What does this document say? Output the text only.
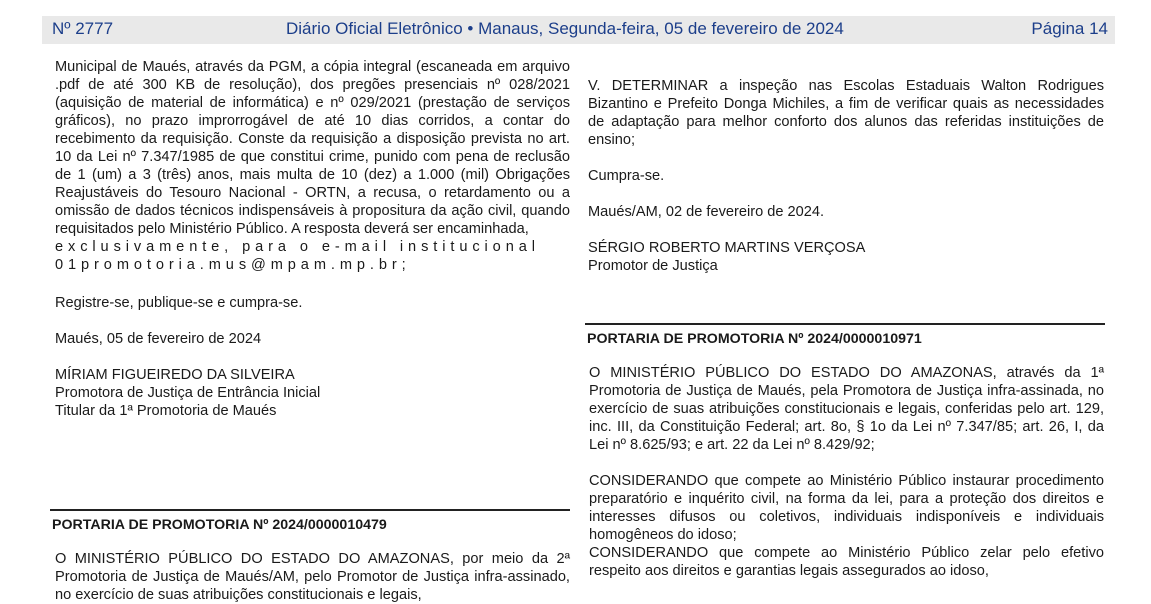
Nº 2777	Diário Oficial Eletrônico • Manaus, Segunda-feira, 05 de fevereiro de 2024	Página 14

Municipal de Maués, através da PGM, a cópia integral (escaneada em arquivo .pdf de até 300 KB de resolução), dos pregões presenciais nº 028/2021 (aquisição de material de informática) e nº 029/2021 (prestação de serviços gráficos), no prazo improrrogável de até 10 dias corridos, a contar do recebimento da requisição. Conste da requisição a disposição prevista no art. 10 da Lei nº 7.347/1985 de que constitui crime, punido com pena de reclusão de 1 (um) a 3 (três) anos, mais multa de 10 (dez) a 1.000 (mil) Obrigações Reajustáveis do Tesouro Nacional - ORTN, a recusa, o retardamento ou a omissão de dados técnicos indispensáveis à propositura da ação civil, quando requisitados pelo Ministério Público. A resposta deverá ser encaminhada,

exclusivamente, para o e-mail institucional
01promotoria.mus@mpam.mp.br;

Registre-se, publique-se e cumpra-se.

Maués, 05 de fevereiro de 2024

MÍRIAM FIGUEIREDO DA SILVEIRA
Promotora de Justiça de Entrância Inicial
Titular da 1ª Promotoria de Maués
PORTARIA DE PROMOTORIA Nº 2024/0000010479

O MINISTÉRIO PÚBLICO DO ESTADO DO AMAZONAS, por meio da 2ª Promotoria de Justiça de Maués/AM, pelo Promotor de Justiça infra-assinado, no exercício de suas atribuições constitucionais e legais,

V. DETERMINAR a inspeção nas Escolas Estaduais Walton Rodrigues Bizantino e Prefeito Donga Michiles, a fim de verificar quais as necessidades de adaptação para melhor conforto dos alunos das referidas instituições de ensino;

Cumpra-se.

Maués/AM, 02 de fevereiro de 2024.

SÉRGIO ROBERTO MARTINS VERÇOSA
Promotor de Justiça
PORTARIA DE PROMOTORIA Nº 2024/0000010971

O MINISTÉRIO PÚBLICO DO ESTADO DO AMAZONAS, através da 1ª Promotoria de Justiça de Maués, pela Promotora de Justiça infra-assinada, no exercício de suas atribuições constitucionais e legais, conferidas pelo art. 129, inc. III, da Constituição Federal; art. 8o, § 1o da Lei nº 7.347/85; art. 26, I, da Lei nº 8.625/93; e art. 22 da Lei nº 8.429/92;

CONSIDERANDO que compete ao Ministério Público instaurar procedimento preparatório e inquérito civil, na forma da lei, para a proteção dos direitos e interesses difusos ou coletivos, individuais indisponíveis e individuais homogêneos do idoso;

CONSIDERANDO que compete ao Ministério Público zelar pelo efetivo respeito aos direitos e garantias legais assegurados ao idoso,
